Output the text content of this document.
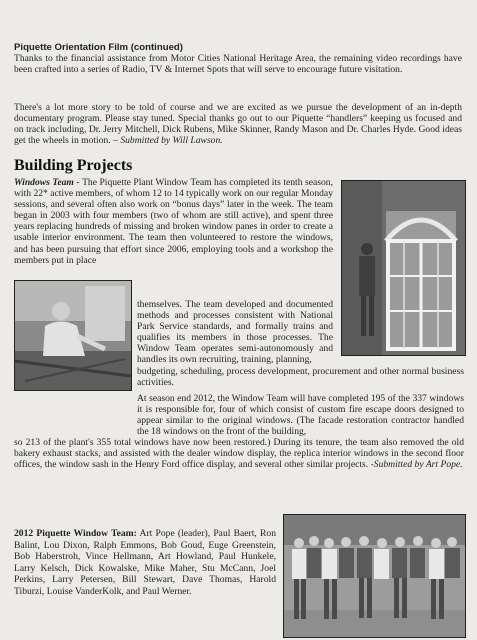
Piquette Orientation Film (continued)
Thanks to the financial assistance from Motor Cities National Heritage Area, the remaining video recordings have been crafted into a series of Radio, TV & Internet Spots that will serve to encourage future visitation.
There's a lot more story to be told of course and we are excited as we pursue the development of an in-depth documentary program. Please stay tuned. Special thanks go out to our Piquette “handlers” keeping us focused and on track including, Dr. Jerry Mitchell, Dick Rubens, Mike Skinner, Randy Mason and Dr. Charles Hyde. Good ideas get the wheels in motion. – Submitted by Will Lawson.
Building Projects
Windows Team - The Piquette Plant Window Team has completed its tenth season, with 22* active members, of whom 12 to 14 typically work on our regular Monday sessions, and several often also work on “bonus days” later in the week. The team began in 2003 with four members (two of whom are still active), and spent three years replacing hundreds of missing and broken window panes in order to create a usable interior environment. The team then volunteered to restore the windows, and has been pursuing that effort since 2006, employing tools and a workshop the members put in place
themselves. The team developed and documented methods and processes consistent with National Park Service standards, and formally trains and qualifies its members in those processes. The Window Team operates semi-autonomously and handles its own recruiting, training, planning,
budgeting, scheduling, process development, procurement and other normal business activities.
At season end 2012, the Window Team will have completed 195 of the 337 windows it is responsible for, four of which consist of custom fire escape doors designed to appear similar to the original windows. (The facade restoration contractor handled the 18 windows on the front of the building,
so 213 of the plant's 355 total windows have now been restored.) During its tenure, the team also removed the old bakery exhaust stacks, and assisted with the dealer window display, the replica interior windows in the second floor offices, the window sash in the Henry Ford office display, and several other similar projects. -Submitted by Art Pope.
2012 Piquette Window Team: Art Pope (leader), Paul Baert, Ron Balint, Lou Dixon, Ralph Emmons, Bob Goud, Euge Greenstein, Bob Haberstroh, Vince Hellmann, Art Howland, Paul Hunkele, Larry Kelsch, Dick Kowalske, Mike Maher, Stu McCann, Joel Perkins, Larry Petersen, Bill Stewart, Dave Thomas, Harold Tiburzi, Louise VanderKolk, and Paul Werner.
